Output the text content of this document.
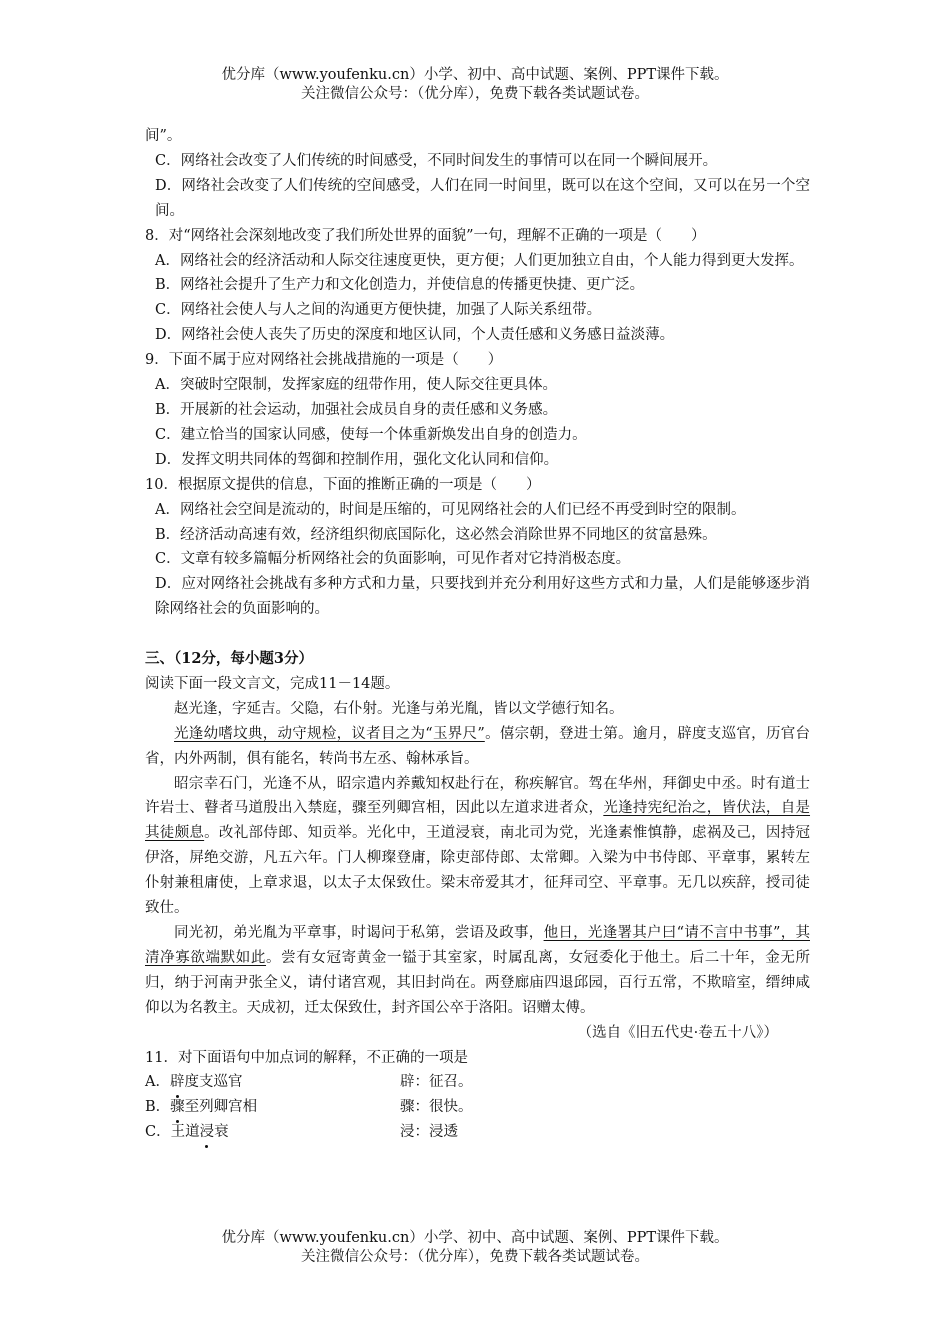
优分库（www.youfenku.cn）小学、初中、高中试题、案例、PPT课件下载。
关注微信公众号：（优分库），免费下载各类试题试卷。

间”。

C．网络社会改变了人们传统的时间感受，不同时间发生的事情可以在同一个瞬间展开。

D．网络社会改变了人们传统的空间感受，人们在同一时间里，既可以在这个空间，又可以在另一个空间。

8．对“网络社会深刻地改变了我们所处世界的面貌”一句，理解不正确的一项是（　　）

A．网络社会的经济活动和人际交往速度更快，更方便；人们更加独立自由，个人能力得到更大发挥。

B．网络社会提升了生产力和文化创造力，并使信息的传播更快捷、更广泛。

C．网络社会使人与人之间的沟通更方便快捷，加强了人际关系纽带。

D．网络社会使人丧失了历史的深度和地区认同，个人责任感和义务感日益淡薄。

9．下面不属于应对网络社会挑战措施的一项是（　　）

A．突破时空限制，发挥家庭的纽带作用，使人际交往更具体。

B．开展新的社会运动，加强社会成员自身的责任感和义务感。

C．建立恰当的国家认同感，使每一个体重新焕发出自身的创造力。

D．发挥文明共同体的驾御和控制作用，强化文化认同和信仰。

10．根据原文提供的信息，下面的推断正确的一项是（　　）

A．网络社会空间是流动的，时间是压缩的，可见网络社会的人们已经不再受到时空的限制。

B．经济活动高速有效，经济组织彻底国际化，这必然会消除世界不同地区的贫富悬殊。

C．文章有较多篇幅分析网络社会的负面影响，可见作者对它持消极态度。

D．应对网络社会挑战有多种方式和力量，只要找到并充分利用好这些方式和力量，人们是能够逐步消除网络社会的负面影响的。

三、（12分，每小题3分）

阅读下面一段文言文，完成11－14题。

赵光逢，字延吉。父隐，右仆射。光逢与弟光胤，皆以文学德行知名。

光逢幼嗜坟典，动守规检，议者目之为“玉界尺”。僖宗朝，登进士第。逾月，辟度支巡官，历官台省，内外两制，俱有能名，转尚书左丞、翰林承旨。

昭宗幸石门，光逢不从，昭宗遣内养戴知权赴行在，称疾解官。驾在华州，拜御史中丞。时有道士许岩士、瞽者马道殷出入禁庭，骤至列卿宫相，因此以左道求进者众，光逢持宪纪治之，皆伏法，自是其徒颇息。改礼部侍郎、知贡举。光化中，王道浸衰，南北司为党，光逢素惟慎静，虑祸及己，因持冠伊洛，屏绝交游，凡五六年。门人柳璨登庸，除吏部侍郎、太常卿。入梁为中书侍郎、平章事，累转左仆射兼租庸使，上章求退，以太子太保致仕。梁末帝爱其才，征拜司空、平章事。无几以疾辞，授司徒致仕。

同光初，弟光胤为平章事，时谒问于私第，尝语及政事，他日，光逢署其户曰“请不言中书事”，其清净寡欲端默如此。尝有女冠寄黄金一镒于其室家，时属乱离，女冠委化于他土。后二十年，金无所归，纳于河南尹张全义，请付诸宫观，其旧封尚在。两登廊庙四退邱园，百行五常，不欺暗室，缙绅咸仰以为名教主。天成初，迁太保致仕，封齐国公卒于洛阳。诏赠太傅。

（选自《旧五代史·卷五十八》）

11．对下面语句中加点词的解释，不正确的一项是

A．辟度支巡官	辟：征召。
B．骤至列卿宫相	骤：很快。
C．王道浸衰	浸：浸透
优分库（www.youfenku.cn）小学、初中、高中试题、案例、PPT课件下载。
关注微信公众号：（优分库），免费下载各类试题试卷。
